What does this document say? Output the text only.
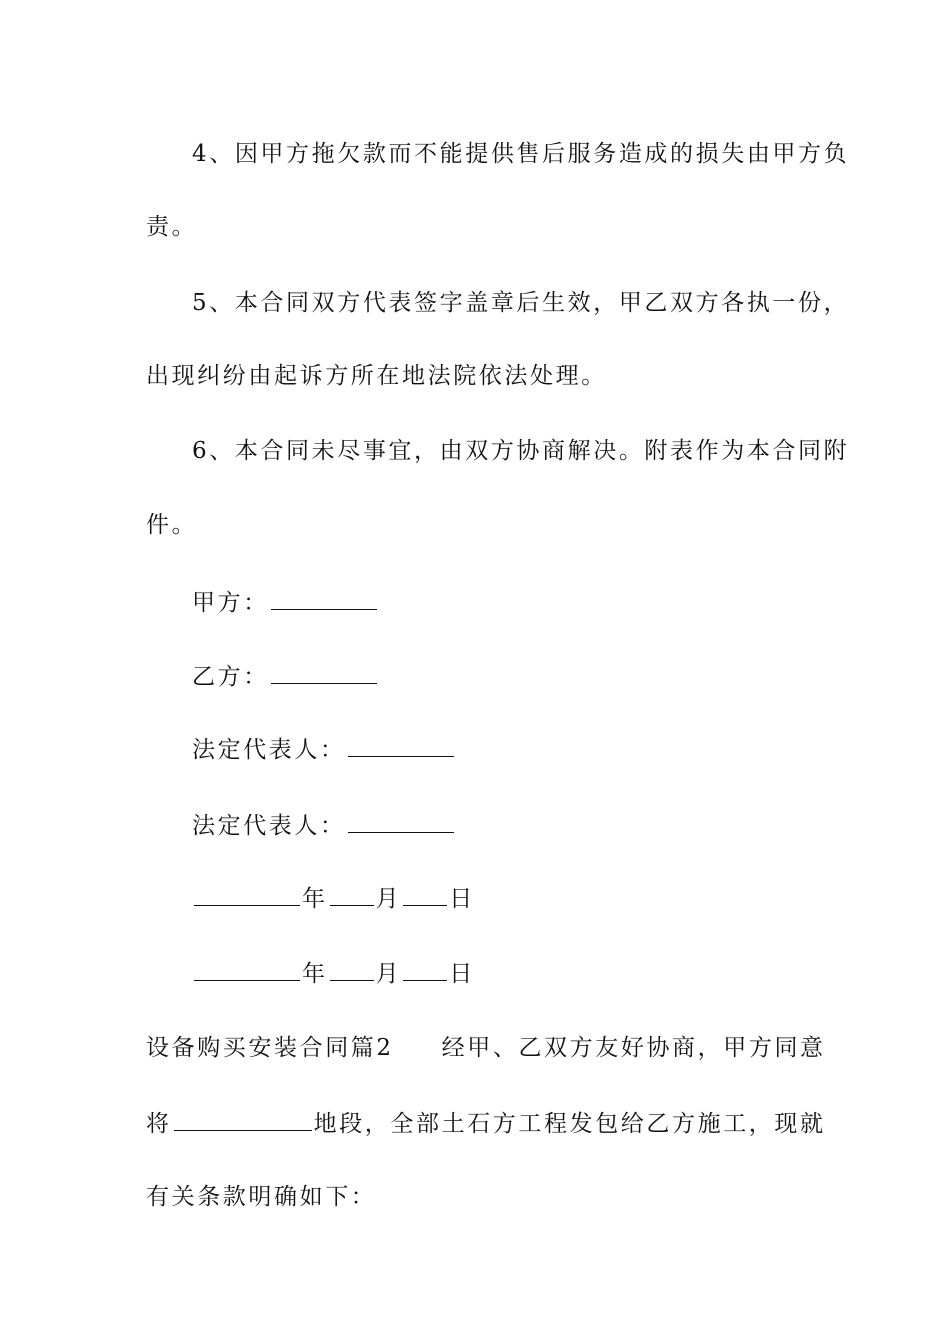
4、因甲方拖欠款而不能提供售后服务造成的损失由甲方负
责。
5、本合同双方代表签字盖章后生效，甲乙双方各执一份，
出现纠纷由起诉方所在地法院依法处理。
6、本合同未尽事宜，由双方协商解决。附表作为本合同附
件。
甲方：
乙方：
法定代表人：
法定代表人：
年 月 日
年 月 日
设备购买安装合同篇2 经甲、乙双方友好协商，甲方同意
将	地段，全部土石方工程发包给乙方施工，现就
有关条款明确如下：
